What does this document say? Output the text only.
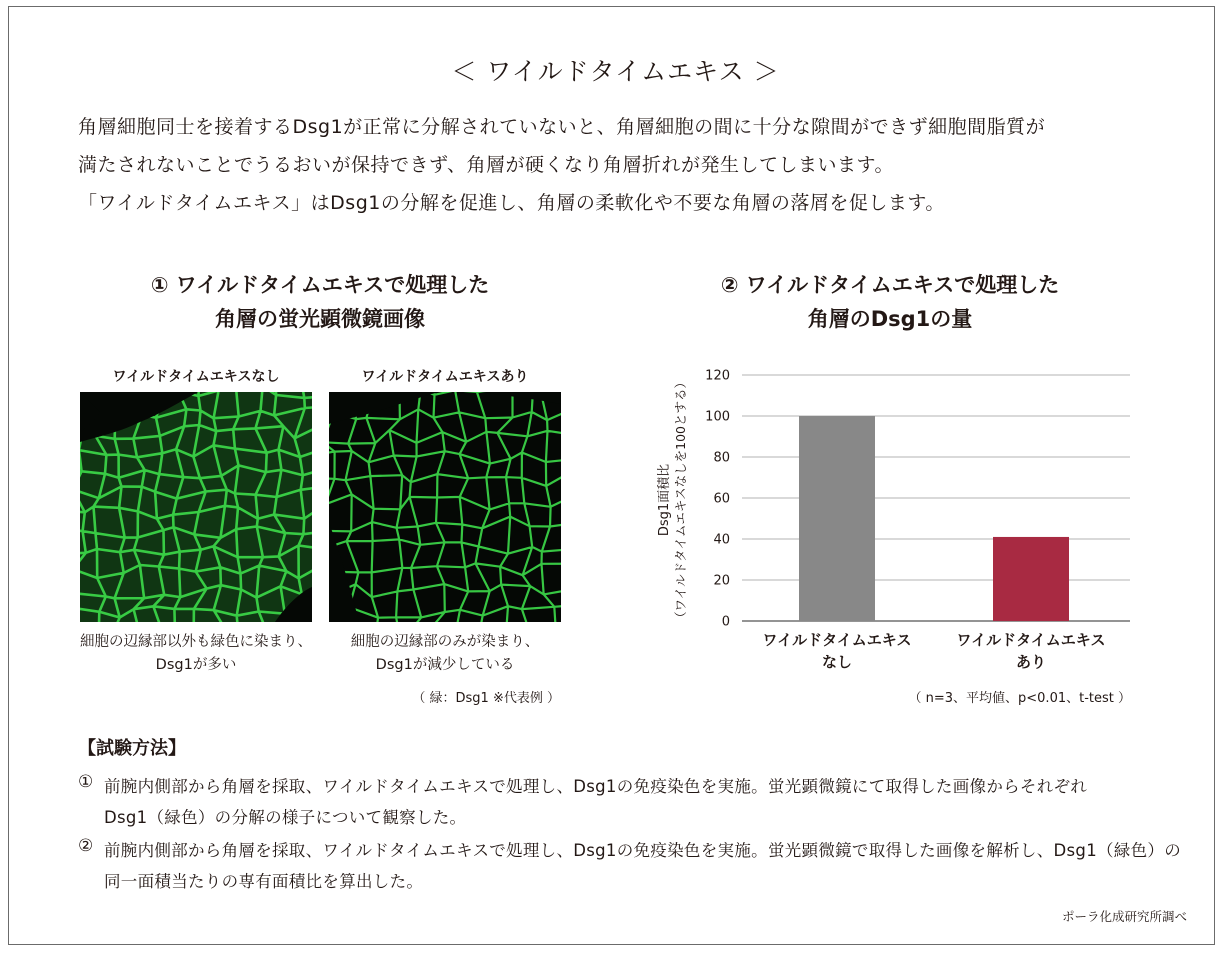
＜ ワイルドタイムエキス ＞
角層細胞同士を接着するDsg1が正常に分解されていないと、角層細胞の間に十分な隙間ができず細胞間脂質が
満たされないことでうるおいが保持できず、角層が硬くなり角層折れが発生してしまいます。
「ワイルドタイムエキス」はDsg1の分解を促進し、角層の柔軟化や不要な角層の落屑を促します。
① ワイルドタイムエキスで処理した
角層の蛍光顕微鏡画像
ワイルドタイムエキスなし	ワイルドタイムエキスあり
細胞の辺縁部以外も緑色に染まり、
Dsg1が多い
細胞の辺縁部のみが染まり、
Dsg1が減少している
（ 緑：Dsg1 ※代表例 ）
② ワイルドタイムエキスで処理した
角層のDsg1の量
Dsg1面積比 （ワイルドタイムエキスなしを100とする）	0
20
40
60
80
100
120
ワイルドタイムエキス
なし
ワイルドタイムエキス
あり
（ n=3、平均値、p<0.01、t-test ）
【試験方法】
① 前腕内側部から角層を採取、ワイルドタイムエキスで処理し、Dsg1の免疫染色を実施。蛍光顕微鏡にて取得した画像からそれぞれ
Dsg1（緑色）の分解の様子について観察した。
② 前腕内側部から角層を採取、ワイルドタイムエキスで処理し、Dsg1の免疫染色を実施。蛍光顕微鏡で取得した画像を解析し、Dsg1（緑色）の
同一面積当たりの専有面積比を算出した。
ポーラ化成研究所調べ
